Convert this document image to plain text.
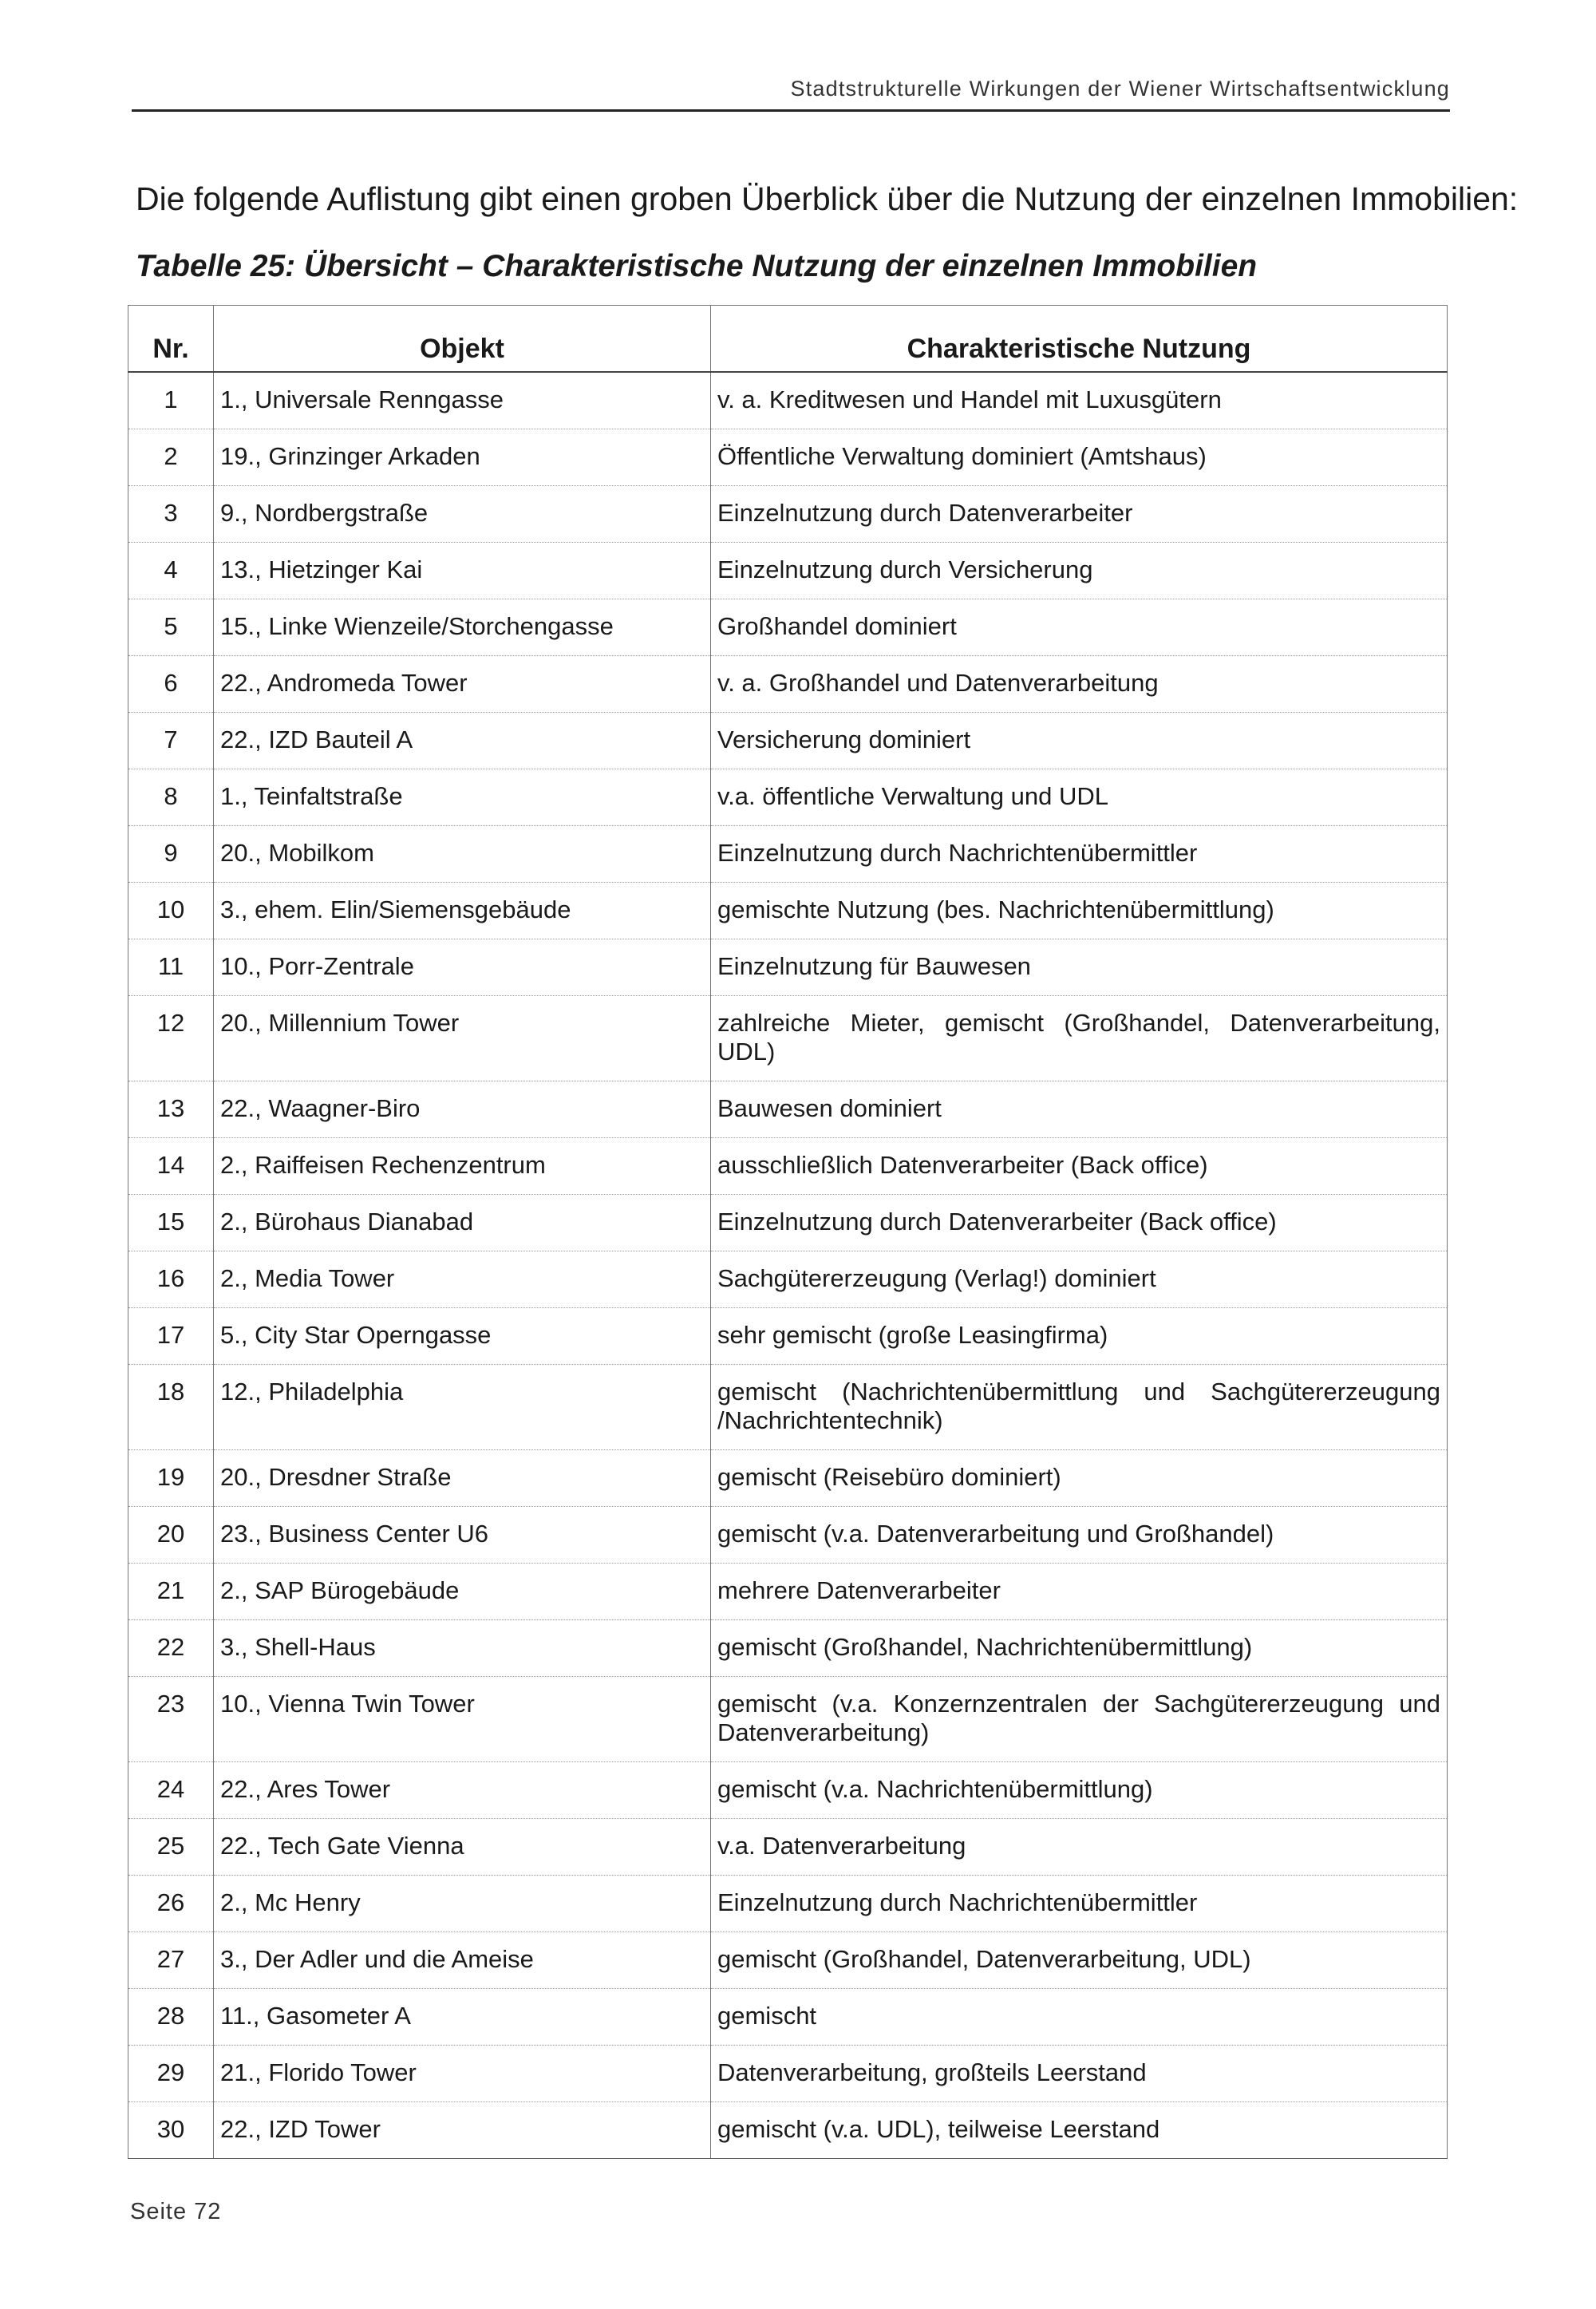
Stadtstrukturelle Wirkungen der Wiener Wirtschaftsentwicklung
Die folgende Auflistung gibt einen groben Überblick über die Nutzung der einzelnen Immobilien:
Tabelle 25: Übersicht – Charakteristische Nutzung der einzelnen Immobilien
Nr.	Objekt	Charakteristische Nutzung
1	1., Universale Renngasse	v. a. Kreditwesen und Handel mit Luxusgütern
2	19., Grinzinger Arkaden	Öffentliche Verwaltung dominiert (Amtshaus)
3	9., Nordbergstraße	Einzelnutzung durch Datenverarbeiter
4	13., Hietzinger Kai	Einzelnutzung durch Versicherung
5	15., Linke Wienzeile/Storchengasse	Großhandel dominiert
6	22., Andromeda Tower	v. a. Großhandel und Datenverarbeitung
7	22., IZD Bauteil A	Versicherung dominiert
8	1., Teinfaltstraße	v.a. öffentliche Verwaltung und UDL
9	20., Mobilkom	Einzelnutzung durch Nachrichtenübermittler
10	3., ehem. Elin/Siemensgebäude	gemischte Nutzung (bes. Nachrichtenübermittlung)
11	10., Porr-Zentrale	Einzelnutzung für Bauwesen
12	20., Millennium Tower	zahlreiche Mieter, gemischt (Großhandel, Datenverarbeitung, UDL)
13	22., Waagner-Biro	Bauwesen dominiert
14	2., Raiffeisen Rechenzentrum	ausschließlich Datenverarbeiter (Back office)
15	2., Bürohaus Dianabad	Einzelnutzung durch Datenverarbeiter (Back office)
16	2., Media Tower	Sachgütererzeugung (Verlag!) dominiert
17	5., City Star Operngasse	sehr gemischt (große Leasingfirma)
18	12., Philadelphia	gemischt (Nachrichtenübermittlung und Sachgütererzeugung /Nachrichtentechnik)
19	20., Dresdner Straße	gemischt (Reisebüro dominiert)
20	23., Business Center U6	gemischt (v.a. Datenverarbeitung und Großhandel)
21	2., SAP Bürogebäude	mehrere Datenverarbeiter
22	3., Shell-Haus	gemischt (Großhandel, Nachrichtenübermittlung)
23	10., Vienna Twin Tower	gemischt (v.a. Konzernzentralen der Sachgütererzeugung und Datenverarbeitung)
24	22., Ares Tower	gemischt (v.a. Nachrichtenübermittlung)
25	22., Tech Gate Vienna	v.a. Datenverarbeitung
26	2., Mc Henry	Einzelnutzung durch Nachrichtenübermittler
27	3., Der Adler und die Ameise	gemischt (Großhandel, Datenverarbeitung, UDL)
28	11., Gasometer A	gemischt
29	21., Florido Tower	Datenverarbeitung, großteils Leerstand
30	22., IZD Tower	gemischt (v.a. UDL), teilweise Leerstand
Seite 72
